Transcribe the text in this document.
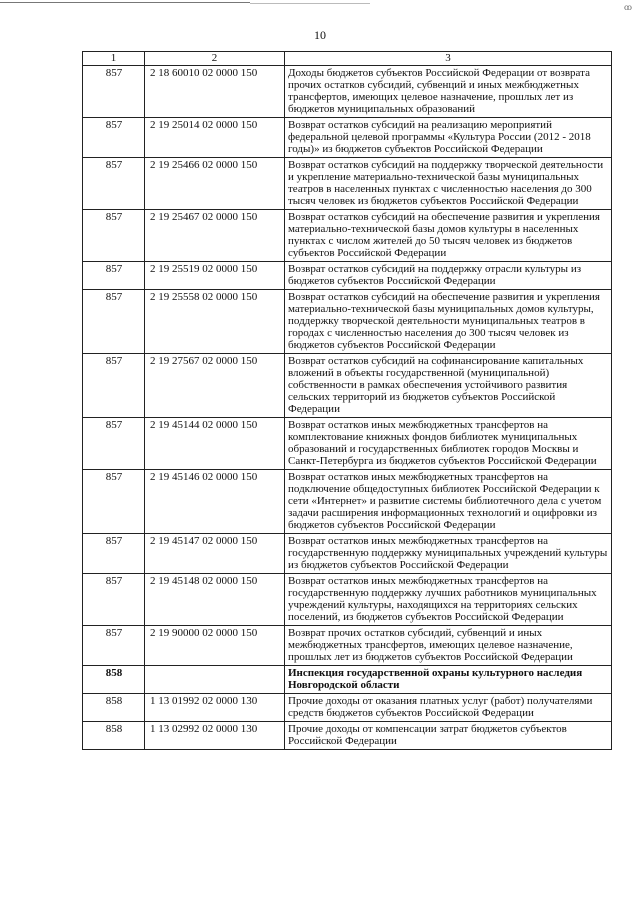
ꝏ
10
1	2	3
857	2 18 60010 02 0000 150	Доходы бюджетов субъектов Российской Федерации от возврата прочих остатков субсидий, субвенций и иных межбюджетных трансфертов, имеющих целевое назначение, прошлых лет из бюджетов муниципальных образований
857	2 19 25014 02 0000 150	Возврат остатков субсидий на реализацию мероприятий федеральной целевой программы «Культура России (2012 - 2018 годы)» из бюджетов субъектов Российской Федерации
857	2 19 25466 02 0000 150	Возврат остатков субсидий на поддержку творческой деятельности и укрепление материально-технической базы муниципальных театров в населенных пунктах с численностью населения до 300 тысяч человек из бюджетов субъектов Российской Федерации
857	2 19 25467 02 0000 150	Возврат остатков субсидий на обеспечение развития и укрепления материально-технической базы домов культуры в населенных пунктах с числом жителей до 50 тысяч человек из бюджетов субъектов Российской Федерации
857	2 19 25519 02 0000 150	Возврат остатков субсидий на поддержку отрасли культуры из бюджетов субъектов Российской Федерации
857	2 19 25558 02 0000 150	Возврат остатков субсидий на обеспечение развития и укрепления материально-технической базы муниципальных домов культуры, поддержку творческой деятельности муниципальных театров в городах с численностью населения до 300 тысяч человек из бюджетов субъектов Российской Федерации
857	2 19 27567 02 0000 150	Возврат остатков субсидий на софинансирование капитальных вложений в объекты государственной (муниципальной) собственности в рамках обеспечения устойчивого развития сельских территорий из бюджетов субъектов Российской Федерации
857	2 19 45144 02 0000 150	Возврат остатков иных межбюджетных трансфертов на комплектование книжных фондов библиотек муниципальных образований и государственных библиотек городов Москвы и Санкт-Петербурга из бюджетов субъектов Российской Федерации
857	2 19 45146 02 0000 150	Возврат остатков иных межбюджетных трансфертов на подключение общедоступных библиотек Российской Федерации к сети «Интернет» и развитие системы библиотечного дела с учетом задачи расширения информационных технологий и оцифровки из бюджетов субъектов Российской Федерации
857	2 19 45147 02 0000 150	Возврат остатков иных межбюджетных трансфертов на государственную поддержку муниципальных учреждений культуры из бюджетов субъектов Российской Федерации
857	2 19 45148 02 0000 150	Возврат остатков иных межбюджетных трансфертов на государственную поддержку лучших работников муниципальных учреждений культуры, находящихся на территориях сельских поселений, из бюджетов субъектов Российской Федерации
857	2 19 90000 02 0000 150	Возврат прочих остатков субсидий, субвенций и иных межбюджетных трансфертов, имеющих целевое назначение, прошлых лет из бюджетов субъектов Российской Федерации
858		Инспекция государственной охраны культурного наследия Новгородской области
858	1 13 01992 02 0000 130	Прочие доходы от оказания платных услуг (работ) получателями средств бюджетов субъектов Российской Федерации
858	1 13 02992 02 0000 130	Прочие доходы от компенсации затрат бюджетов субъектов Российской Федерации
